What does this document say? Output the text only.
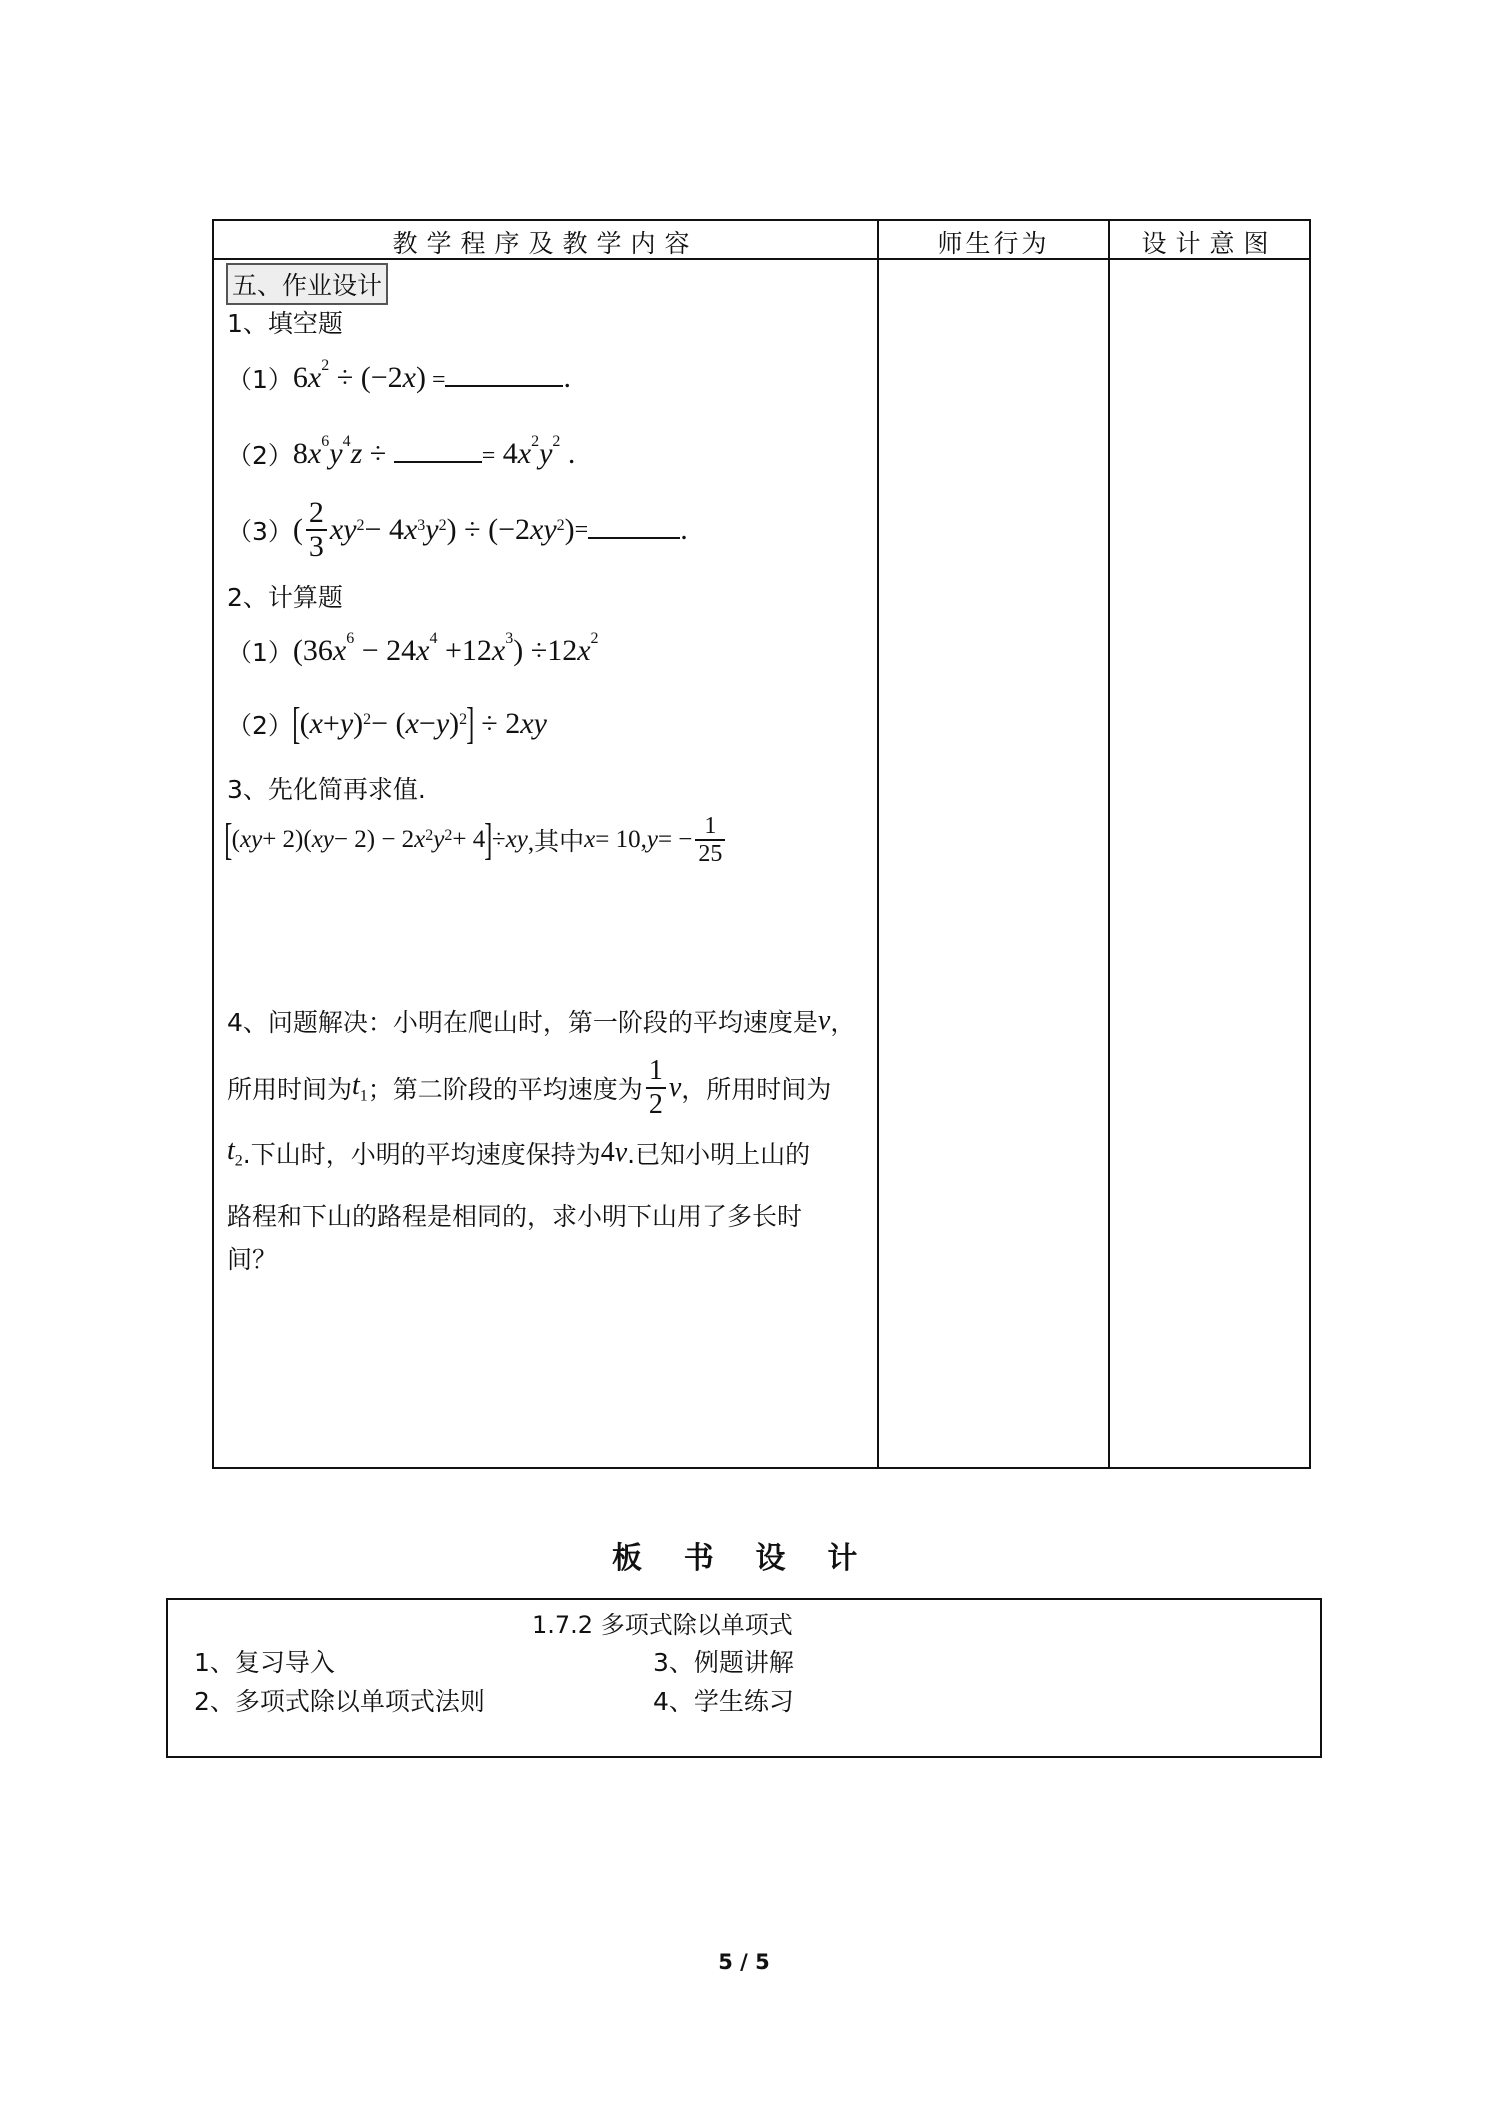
教学程序及教学内容	师生行为	设计意图
五、作业设计
1、填空题
（1） $6x^2 \div (-2x)$ =	.
（2） $8x^6y^4z$ ÷	= $4x^2y^2$ .
（3） ( $\frac{2}{3} xy^2 - 4$ $x^3$ $y^2$ ) ÷ (−2 $xy^2$ ) =	.
2、计算题
（1） $(36x^6 - 24x^4 +12x^3) \div 12x^2$
（2） [ ( x + y )$^2$ − ( x − y )$^2$ ]
÷ 2 xy
3、先化简再求值.
[ ( xy + 2)( xy − 2) − 2 $x^2$ $y^2 + 4$ ] ÷ xy ,其中 x = 10, y = − $\frac{1}{25}$
4、问题解决：小明在爬山时，第一阶段的平均速度是 v ，
所用时间为 $t_1$ ；第二阶段的平均速度为 $\frac{1}{2}$ v ，所用时间为
$t_2$ .下山时，小明的平均速度保持为 4 v .已知小明上山的
路程和下山的路程是相同的，求小明下山用了多长时
间？
板    书    设    计
1.7.2 多项式除以单项式
1、复习导入	3、例题讲解
2、多项式除以单项式法则	4、学生练习
5 / 5
